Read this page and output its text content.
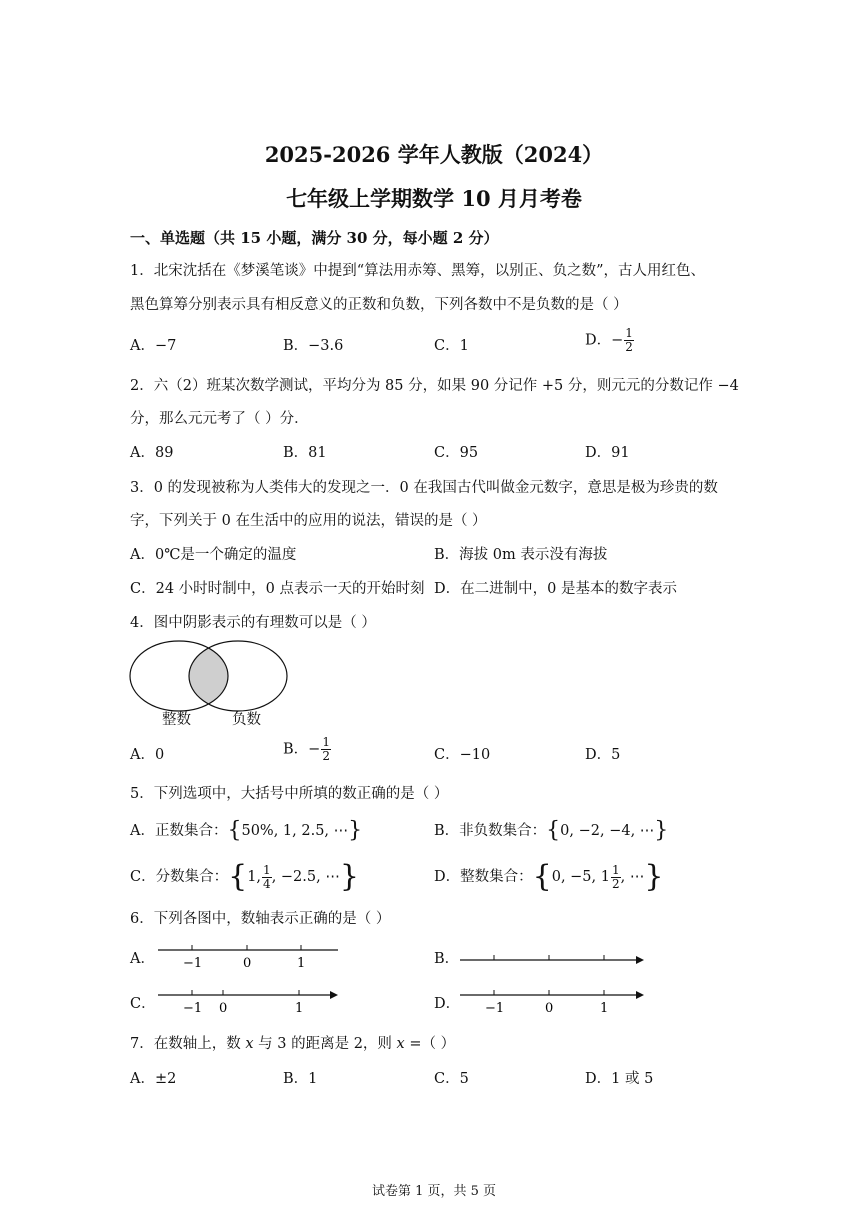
2025-2026 学年人教版（2024）
七年级上学期数学 10 月月考卷
一、单选题（共 15 小题，满分 30 分，每小题 2 分）
1．北宋沈括在《梦溪笔谈》中提到“算法用赤筹、黑筹，以别正、负之数”，古人用红色、
黑色算筹分别表示具有相反意义的正数和负数，下列各数中不是负数的是（ ）
A．−7	B．−3.6	C．1	D．− $\frac{1}{2}$
2．六（2）班某次数学测试，平均分为 85 分，如果 90 分记作 +5 分，则元元的分数记作 −4
分，那么元元考了（ ）分．
A．89	B．81	C．95	D．91
3．0 的发现被称为人类伟大的发现之一．0 在我国古代叫做金元数字，意思是极为珍贵的数
字，下列关于 0 在生活中的应用的说法，错误的是（ ）
A．0℃是一个确定的温度	B．海拔 0m 表示没有海拔
C．24 小时时制中，0 点表示一天的开始时刻 D．在二进制中，0 是基本的数字表示
4．图中阴影表示的有理数可以是（ ）
整数	负数
A．0	B．− $\frac{1}{2}$	C．−10	D．5
5．下列选项中，大括号中所填的数正确的是（ ）
A．正数集合：{50%, 1, 2.5, ⋯}	B．非负数集合：{0, −2, −4, ⋯}
C．分数集合：{1, $\frac{1}{4}$ , −2.5, ⋯}	D．整数集合：{0, −5, $1 \frac{1}{2}$ , ⋯}
6．下列各图中，数轴表示正确的是（ ）
A． −1	0	1	B．
C． −1 0	1	D． −1	0	1
7．在数轴上，数 x 与 3 的距离是 2，则 x =（ ）
A．±2	B．1	C．5	D．1 或 5
试卷第 1 页，共 5 页
